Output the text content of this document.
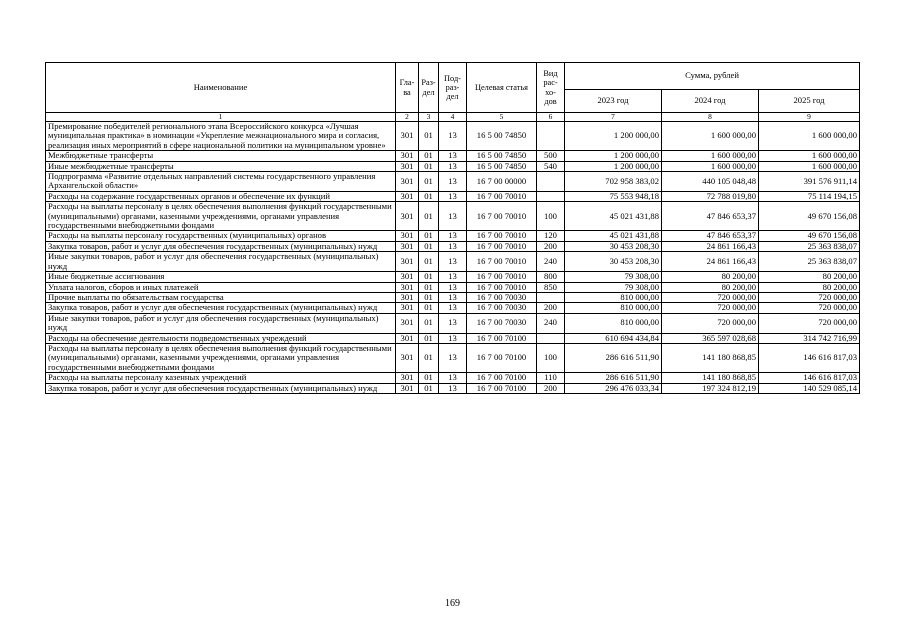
Наименование	Гла- ва	Раз- дел	Под- раз- дел	Целевая статья	Вид рас- хо- дов	Сумма, рублей		
						2023 год	2024 год	2025 год
1	2	3	4	5	6	7	8	9
Премирование победителей регионального этапа Всероссийского конкурса «Лучшая муниципальная практика» в номинации «Укрепление межнационального мира и согласия, реализация иных мероприятий в сфере национальной политики на муниципальном уровне»	301	01	13	16 5 00 74850		1 200 000,00	1 600 000,00	1 600 000,00
Межбюджетные трансферты	301	01	13	16 5 00 74850	500	1 200 000,00	1 600 000,00	1 600 000,00
Иные межбюджетные трансферты	301	01	13	16 5 00 74850	540	1 200 000,00	1 600 000,00	1 600 000,00
Подпрограмма «Развитие отдельных направлений системы государственного управления Архангельской области»	301	01	13	16 7 00 00000		702 958 383,02	440 105 048,48	391 576 911,14
Расходы на содержание государственных органов и обеспечение их функций	301	01	13	16 7 00 70010		75 553 948,18	72 788 019,80	75 114 194,15
Расходы на выплаты персоналу в целях обеспечения выполнения функций государственными (муниципальными) органами, казенными учреждениями, органами управления государственными внебюджетными фондами	301	01	13	16 7 00 70010	100	45 021 431,88	47 846 653,37	49 670 156,08
Расходы на выплаты персоналу государственных (муниципальных) органов	301	01	13	16 7 00 70010	120	45 021 431,88	47 846 653,37	49 670 156,08
Закупка товаров, работ и услуг для обеспечения государственных (муниципальных) нужд	301	01	13	16 7 00 70010	200	30 453 208,30	24 861 166,43	25 363 838,07
Иные закупки товаров, работ и услуг для обеспечения государственных (муниципальных) нужд	301	01	13	16 7 00 70010	240	30 453 208,30	24 861 166,43	25 363 838,07
Иные бюджетные ассигнования	301	01	13	16 7 00 70010	800	79 308,00	80 200,00	80 200,00
Уплата налогов, сборов и иных платежей	301	01	13	16 7 00 70010	850	79 308,00	80 200,00	80 200,00
Прочие выплаты по обязательствам государства	301	01	13	16 7 00 70030		810 000,00	720 000,00	720 000,00
Закупка товаров, работ и услуг для обеспечения государственных (муниципальных) нужд	301	01	13	16 7 00 70030	200	810 000,00	720 000,00	720 000,00
Иные закупки товаров, работ и услуг для обеспечения государственных (муниципальных) нужд	301	01	13	16 7 00 70030	240	810 000,00	720 000,00	720 000,00
Расходы на обеспечение деятельности подведомственных учреждений	301	01	13	16 7 00 70100		610 694 434,84	365 597 028,68	314 742 716,99
Расходы на выплаты персоналу в целях обеспечения выполнения функций государственными (муниципальными) органами, казенными учреждениями, органами управления государственными внебюджетными фондами	301	01	13	16 7 00 70100	100	286 616 511,90	141 180 868,85	146 616 817,03
Расходы на выплаты персоналу казенных учреждений	301	01	13	16 7 00 70100	110	286 616 511,90	141 180 868,85	146 616 817,03
Закупка товаров, работ и услуг для обеспечения государственных (муниципальных) нужд	301	01	13	16 7 00 70100	200	296 476 033,34	197 324 812,19	140 529 085,14
169
